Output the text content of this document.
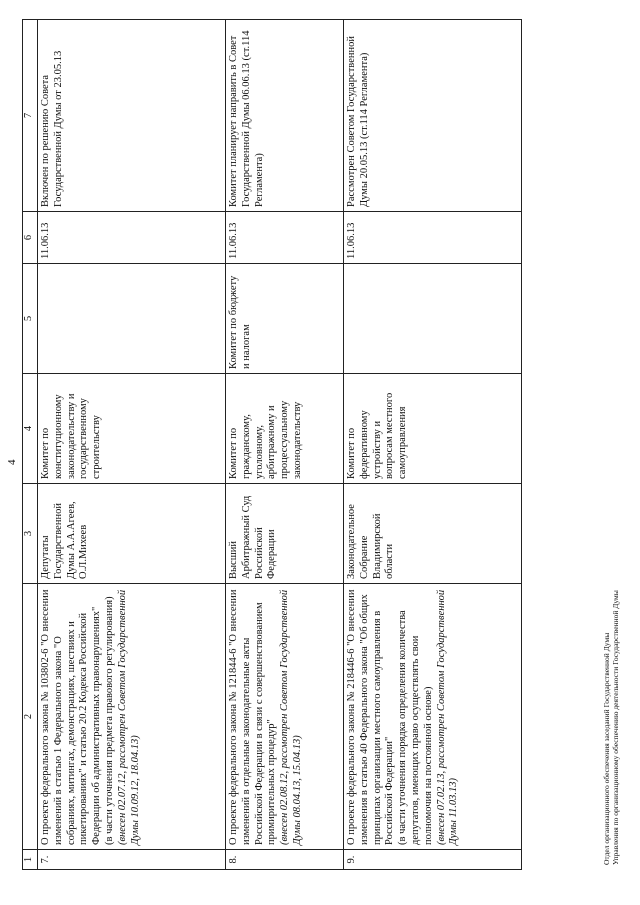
4
1	2	3	4	5	6	7
7.	О проекте федерального закона № 103802-6 "О внесении изменений в статью 1 Федерального закона "О собраниях, митингах, демонстрациях, шествиях и пикетированиях" и статью 20.2 Кодекса Российской Федерации об административных правонарушениях" (в части уточнения предмета правового регулирования) (внесен 02.07.12, рассмотрен Советом Государственной Думы 10.09.12, 18.04.13)	Депутаты Государственной Думы А.А.Агеев, О.Л.Михеев	Комитет по конституционному законодательству и государственному строительству		11.06.13	Включен по решению Совета Государственной Думы от 23.05.13
8.	О проекте федерального закона № 121844-6 "О внесении изменений в отдельные законодательные акты Российской Федерации в связи с совершенствованием примирительных процедур" (внесен 02.08.12, рассмотрен Советом Государственной Думы 08.04.13, 15.04.13)	Высший Арбитражный Суд Российской Федерации	Комитет по гражданскому, уголовному, арбитражному и процессуальному законодательству	Комитет по бюджету и налогам	11.06.13	Комитет планирует направить в Совет Государственной Думы 06.06.13 (ст.114 Регламента)
9.	О проекте федерального закона № 218446-6 "О внесении изменения в статью 40 Федерального закона "Об общих принципах организации местного самоуправления в Российской Федерации" (в части уточнения порядка определения количества депутатов, имеющих право осуществлять свои полномочия на постоянной основе) (внесен 07.02.13, рассмотрен Советом Государственной Думы 11.03.13)	Законодательное Собрание Владимирской области	Комитет по федеративному устройству и вопросам местного самоуправления		11.06.13	Рассмотрен Советом Государственной Думы 20.05.13 (ст.114 Регламента)
Отдел организационного обеспечения заседаний Государственной Думы Управления по организационному обеспечению деятельности Государственной Думы
